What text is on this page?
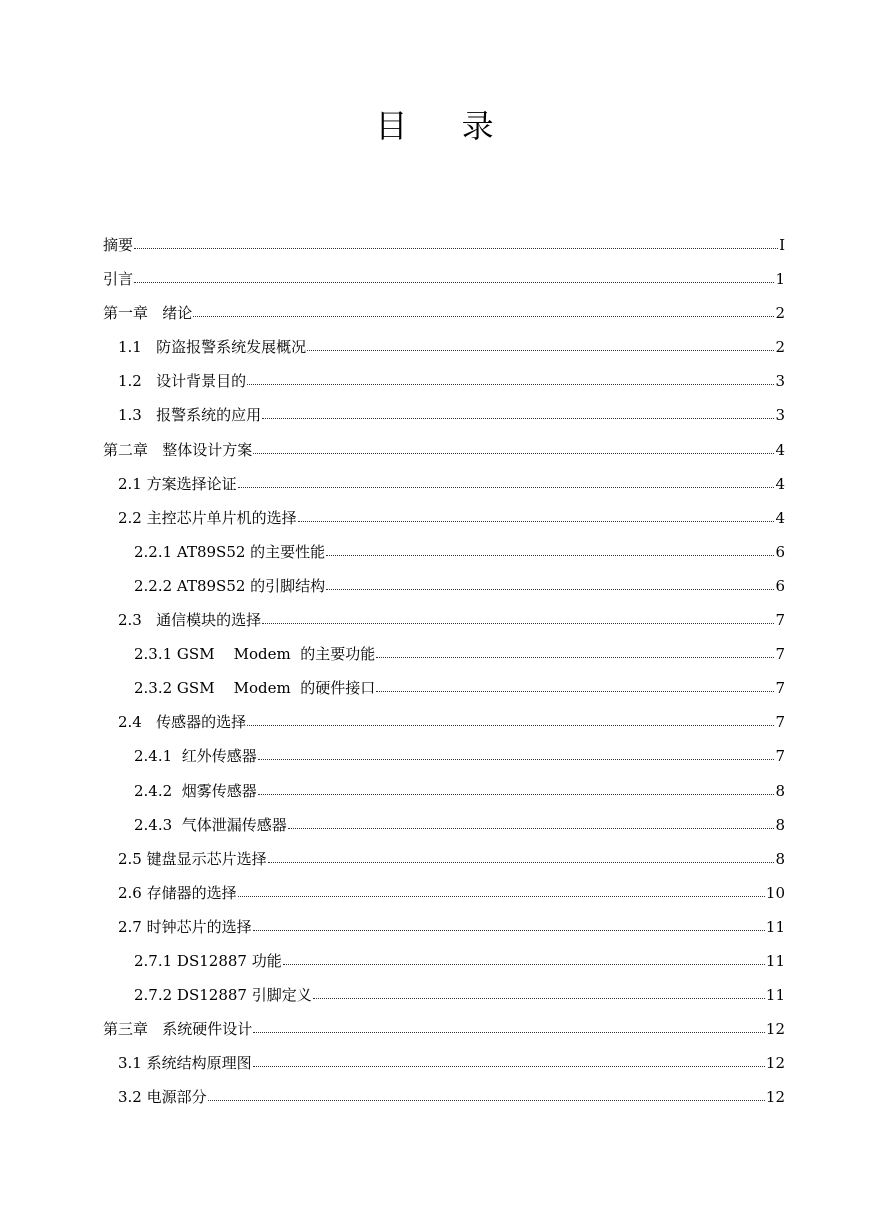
目 录
摘要	I
引言	1
第一章   绪论	2
1.1   防盗报警系统发展概况	2
1.2   设计背景目的	3
1.3   报警系统的应用	3
第二章   整体设计方案	4
2.1 方案选择论证	4
2.2 主控芯片单片机的选择	4
2.2.1 AT89S52 的主要性能	6
2.2.2 AT89S52 的引脚结构	6
2.3   通信模块的选择	7
2.3.1 GSM    Modem  的主要功能	7
2.3.2 GSM    Modem  的硬件接口	7
2.4   传感器的选择	7
2.4.1  红外传感器	7
2.4.2  烟雾传感器	8
2.4.3  气体泄漏传感器	8
2.5 键盘显示芯片选择	8
2.6 存储器的选择	10
2.7 时钟芯片的选择	11
2.7.1 DS12887 功能	11
2.7.2 DS12887 引脚定义	11
第三章   系统硬件设计	12
3.1 系统结构原理图	12
3.2 电源部分	12
